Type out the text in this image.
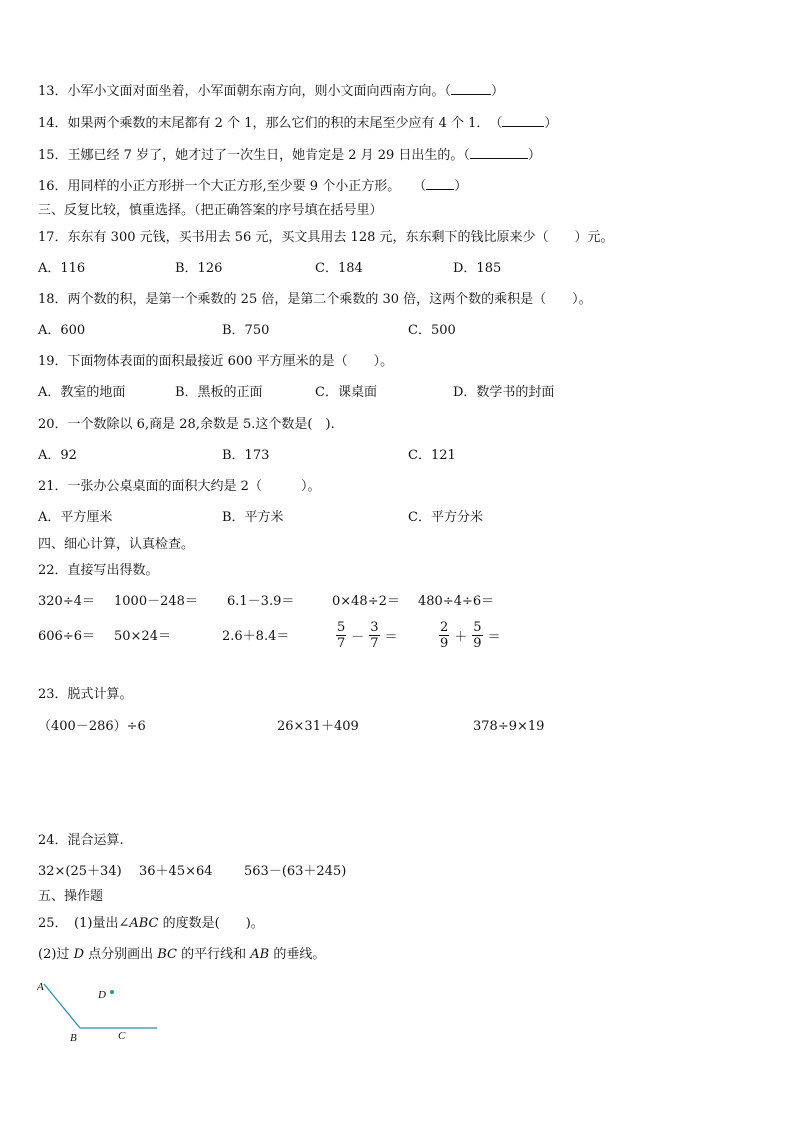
13．小军小文面对面坐着，小军面朝东南方向，则小文面向西南方向。（	）
14．如果两个乘数的末尾都有 2 个 1，那么它们的积的末尾至少应有 4 个 1．　（	）
15．王娜已经 7 岁了，她才过了一次生日，她肯定是 2 月 29 日出生的。（	）
16．用同样的小正方形拼一个大正方形,至少要 9 个小正方形。　　（ ）
三、反复比较，慎重选择。（把正确答案的序号填在括号里）
17．东东有 300 元钱，买书用去 56 元，买文具用去 128 元，东东剩下的钱比原来少（　　）元。
A．116	B．126	C．184	D．185
18．两个数的积，是第一个乘数的 25 倍，是第二个乘数的 30 倍，这两个数的乘积是（　　）。
A．600	B．750	C．500
19．下面物体表面的面积最接近 600 平方厘米的是（　　）。
A．教室的地面	B．黑板的正面	C．课桌面	D．数学书的封面
20．一个数除以 6,商是 28,余数是 5.这个数是(　).
A．92	B．173	C．121
21．一张办公桌桌面的面积大约是 2（　　　）。
A．平方厘米	B．平方米	C．平方分米
四、细心计算，认真检查。
22．直接写出得数。
320÷4＝ 1000－248＝ 6.1－3.9＝	0×48÷2＝ 480÷4÷6＝
606÷6＝ 50×24＝	2.6＋8.4＝	$\frac{5}{7} - \frac{3}{7}$ ＝	$\frac{2}{9} + \frac{5}{9}$ ＝
23．脱式计算。
（400－286）÷6	26×31＋409	378÷9×19
24．混合运算.
32×(25＋34) 36＋45×64 563－(63＋245)
五、操作题
25．　(1)量出∠ABC 的度数是(　　)。
(2)过 D 点分别画出 BC 的平行线和 AB 的垂线。
A
B	C
D
